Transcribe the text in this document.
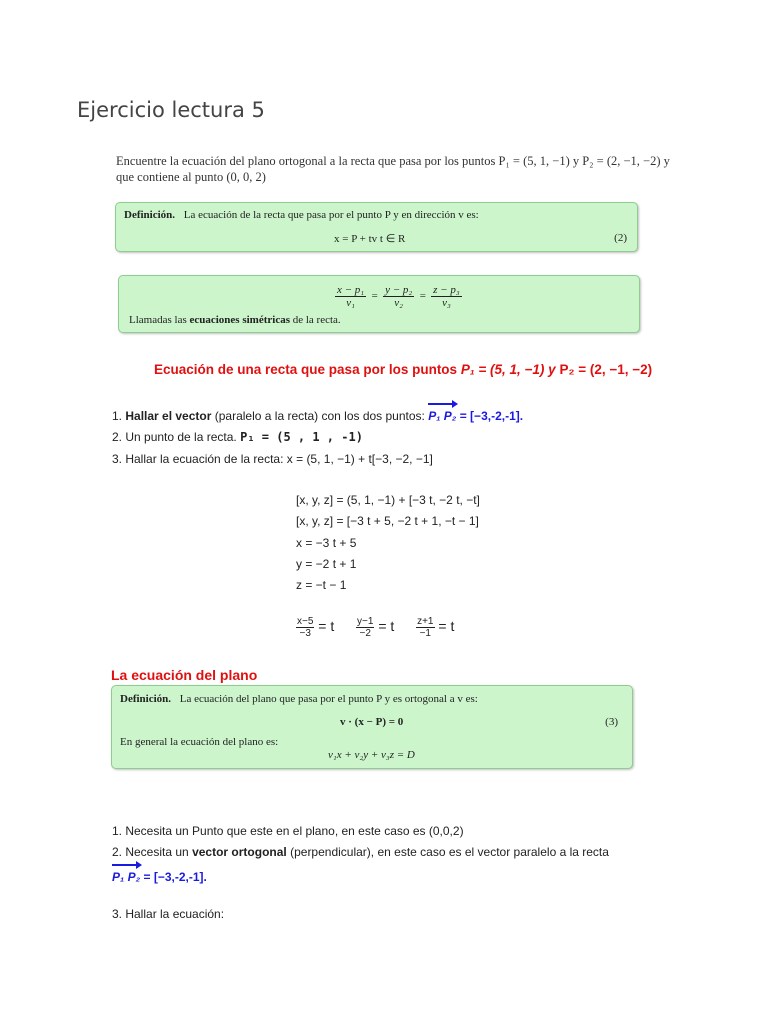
Ejercicio lectura 5
Encuentre la ecuación del plano ortogonal a la recta que pasa por los puntos P₁ = (5, 1, −1) y P₂ = (2, −1, −2) y que contiene al punto (0, 0, 2)
Definición. La ecuación de la recta que pasa por el punto P y en dirección v es:
x = P + tv t ∈ R	(2)
$\frac{\text{x − p₁}}{\text{v₁}} = \frac{\text{y − p₂}}{\text{v₂}} = \frac{\text{z − p₃}}{\text{v₃}}$
Llamadas las ecuaciones simétricas de la recta.
Ecuación de una recta que pasa por los puntos P₁ = (5, 1, −1) y P₂ = (2, −1, −2)
1. Hallar el vector (paralelo a la recta) con los dos puntos: P₁ P₂ = [−3,-2,-1].
2. Un punto de la recta. P₁ = (5 , 1 , -1)
3. Hallar la ecuación de la recta: x = (5, 1, −1) + t[−3, −2, −1]
[x, y, z] = (5, 1, −1) + [−3 t, −2 t, −t]
[x, y, z] = [−3 t + 5, −2 t + 1, −t − 1]
x = −3 t + 5
y = −2 t + 1
z = −t − 1
$\frac{x-5}{-3} = t \frac{y-1}{-2} = t \frac{z+1}{-1} = t$
La ecuación del plano
Definición. La ecuación del plano que pasa por el punto P y es ortogonal a v es:
v · (x − P) = 0	(3)
En general la ecuación del plano es:
v₁x + v₂y + v₃z = D
1. Necesita un Punto que este en el plano, en este caso es (0,0,2)
2. Necesita un vector ortogonal (perpendicular), en este caso es el vector paralelo a la recta
P₁ P₂ = [−3,-2,-1].
3. Hallar la ecuación:
